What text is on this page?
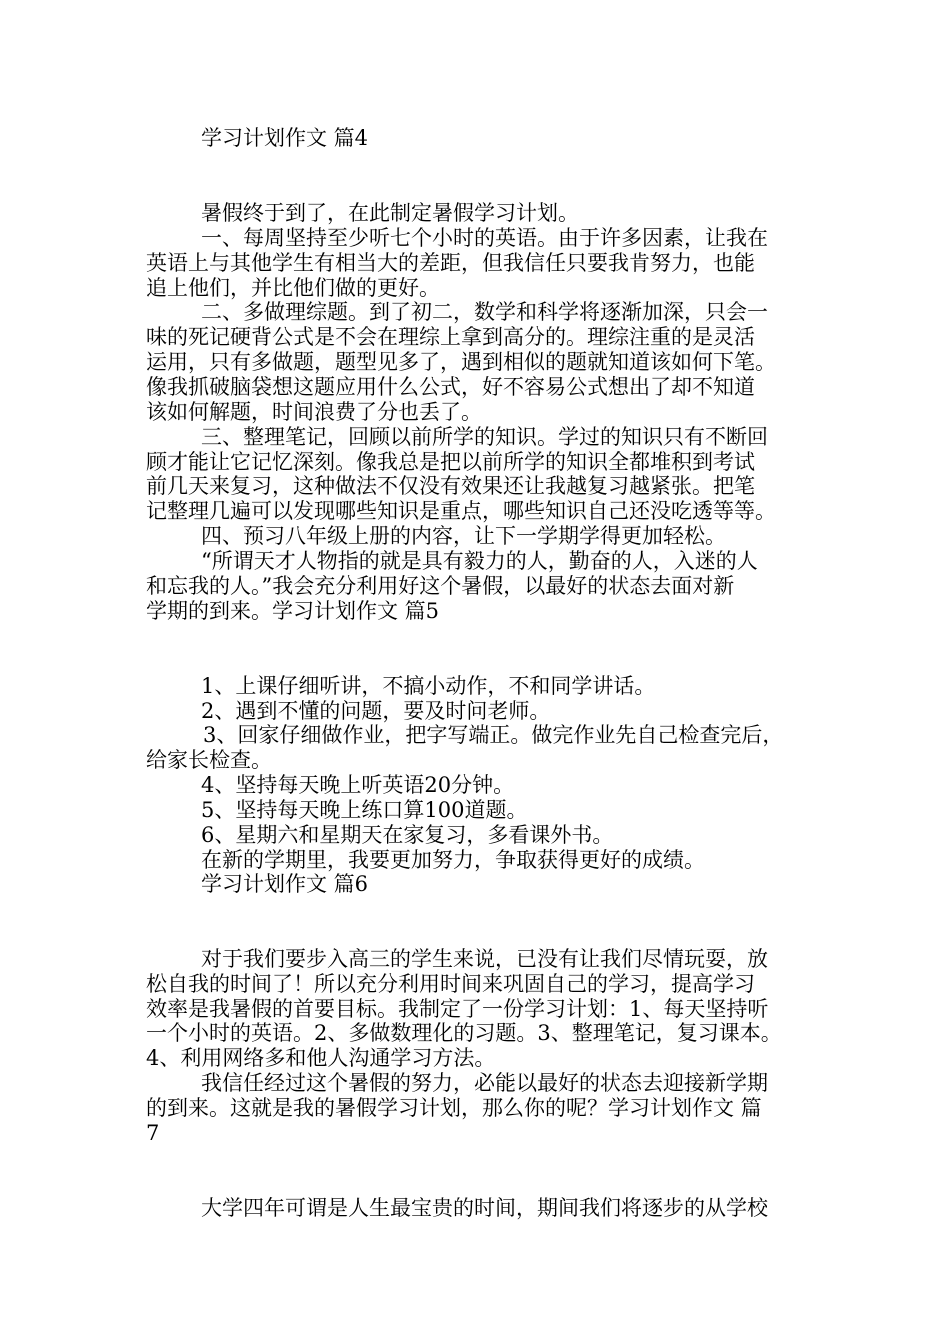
学习计划作文 篇4
暑假终于到了，在此制定暑假学习计划。
一、每周坚持至少听七个小时的英语。由于许多因素，让我在
英语上与其他学生有相当大的差距，但我信任只要我肯努力，也能
追上他们，并比他们做的更好。
二、多做理综题。到了初二，数学和科学将逐渐加深，只会一
味的死记硬背公式是不会在理综上拿到高分的。理综注重的是灵活
运用，只有多做题，题型见多了，遇到相似的题就知道该如何下笔。
像我抓破脑袋想这题应用什么公式，好不容易公式想出了却不知道
该如何解题，时间浪费了分也丢了。
三、整理笔记，回顾以前所学的知识。学过的知识只有不断回
顾才能让它记忆深刻。像我总是把以前所学的知识全都堆积到考试
前几天来复习，这种做法不仅没有效果还让我越复习越紧张。把笔
记整理几遍可以发现哪些知识是重点，哪些知识自己还没吃透等等。
四、预习八年级上册的内容，让下一学期学得更加轻松。
“所谓天才人物指的就是具有毅力的人，勤奋的人，入迷的人
和忘我的人。”我会充分利用好这个暑假，以最好的状态去面对新
学期的到来。学习计划作文 篇5
1、上课仔细听讲，不搞小动作，不和同学讲话。
2、遇到不懂的问题，要及时问老师。
3、回家仔细做作业，把字写端正。做完作业先自己检查完后，
给家长检查。
4、坚持每天晚上听英语20分钟。
5、坚持每天晚上练口算100道题。
6、星期六和星期天在家复习，多看课外书。
在新的学期里，我要更加努力，争取获得更好的成绩。
学习计划作文 篇6
对于我们要步入高三的学生来说，已没有让我们尽情玩耍，放
松自我的时间了！所以充分利用时间来巩固自己的学习，提高学习
效率是我暑假的首要目标。我制定了一份学习计划：1、每天坚持听
一个小时的英语。2、多做数理化的习题。3、整理笔记，复习课本。
4、利用网络多和他人沟通学习方法。
我信任经过这个暑假的努力，必能以最好的状态去迎接新学期
的到来。这就是我的暑假学习计划，那么你的呢？学习计划作文 篇
7
大学四年可谓是人生最宝贵的时间，期间我们将逐步的从学校
